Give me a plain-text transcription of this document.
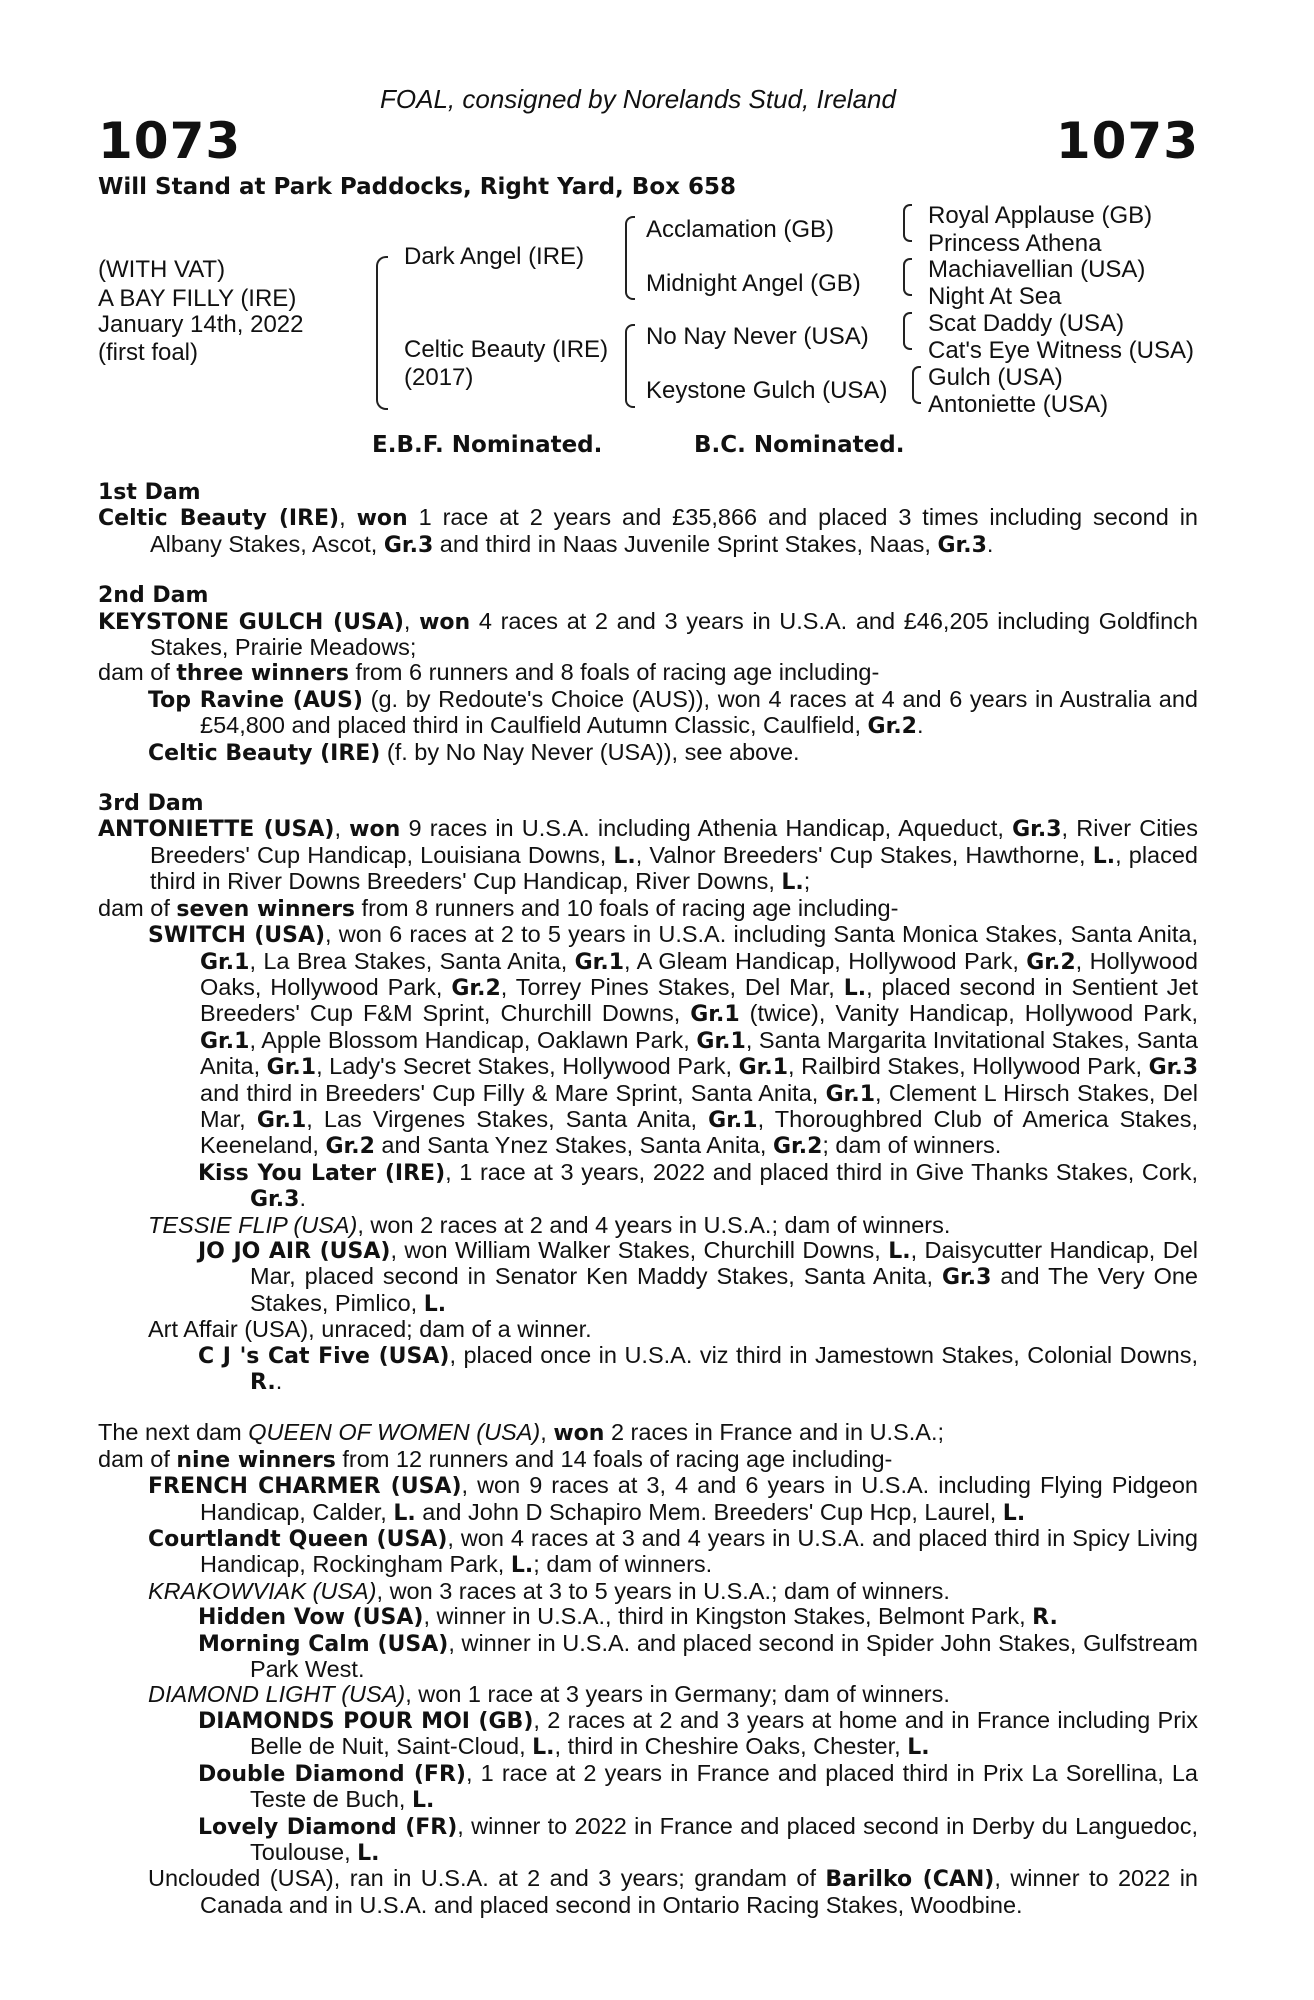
FOAL, consigned by Norelands Stud, Ireland
1073	1073
Will Stand at Park Paddocks, Right Yard, Box 658
(WITH VAT)
A BAY FILLY (IRE)
January 14th, 2022
(first foal)
Dark Angel (IRE)
Celtic Beauty (IRE)
(2017)
Acclamation (GB)
Midnight Angel (GB)
No Nay Never (USA)
Keystone Gulch (USA)
Royal Applause (GB)
Princess Athena
Machiavellian (USA)
Night At Sea
Scat Daddy (USA)
Cat's Eye Witness (USA)
Gulch (USA)
Antoniette (USA)
E.B.F. Nominated.	B.C. Nominated.
1st Dam
Celtic Beauty (IRE), won 1 race at 2 years and £35,866 and placed 3 times including second in Albany Stakes, Ascot, Gr.3 and third in Naas Juvenile Sprint Stakes, Naas, Gr.3.
2nd Dam
KEYSTONE GULCH (USA), won 4 races at 2 and 3 years in U.S.A. and £46,205 including Goldfinch Stakes, Prairie Meadows;
dam of three winners from 6 runners and 8 foals of racing age including-
Top Ravine (AUS) (g. by Redoute's Choice (AUS)), won 4 races at 4 and 6 years in Australia and £54,800 and placed third in Caulfield Autumn Classic, Caulfield, Gr.2.
Celtic Beauty (IRE) (f. by No Nay Never (USA)), see above.
3rd Dam
ANTONIETTE (USA), won 9 races in U.S.A. including Athenia Handicap, Aqueduct, Gr.3, River Cities Breeders' Cup Handicap, Louisiana Downs, L., Valnor Breeders' Cup Stakes, Hawthorne, L., placed third in River Downs Breeders' Cup Handicap, River Downs, L.;
dam of seven winners from 8 runners and 10 foals of racing age including-
SWITCH (USA), won 6 races at 2 to 5 years in U.S.A. including Santa Monica Stakes, Santa Anita, Gr.1, La Brea Stakes, Santa Anita, Gr.1, A Gleam Handicap, Hollywood Park, Gr.2, Hollywood Oaks, Hollywood Park, Gr.2, Torrey Pines Stakes, Del Mar, L., placed second in Sentient Jet Breeders' Cup F&M Sprint, Churchill Downs, Gr.1 (twice), Vanity Handicap, Hollywood Park, Gr.1, Apple Blossom Handicap, Oaklawn Park, Gr.1, Santa Margarita Invitational Stakes, Santa Anita, Gr.1, Lady's Secret Stakes, Hollywood Park, Gr.1, Railbird Stakes, Hollywood Park, Gr.3 and third in Breeders' Cup Filly & Mare Sprint, Santa Anita, Gr.1, Clement L Hirsch Stakes, Del Mar, Gr.1, Las Virgenes Stakes, Santa Anita, Gr.1, Thoroughbred Club of America Stakes, Keeneland, Gr.2 and Santa Ynez Stakes, Santa Anita, Gr.2; dam of winners.
Kiss You Later (IRE), 1 race at 3 years, 2022 and placed third in Give Thanks Stakes, Cork, Gr.3.
TESSIE FLIP (USA), won 2 races at 2 and 4 years in U.S.A.; dam of winners.
JO JO AIR (USA), won William Walker Stakes, Churchill Downs, L., Daisycutter Handicap, Del Mar, placed second in Senator Ken Maddy Stakes, Santa Anita, Gr.3 and The Very One Stakes, Pimlico, L.
Art Affair (USA), unraced; dam of a winner.
C J 's Cat Five (USA), placed once in U.S.A. viz third in Jamestown Stakes, Colonial Downs, R..
The next dam QUEEN OF WOMEN (USA), won 2 races in France and in U.S.A.;
dam of nine winners from 12 runners and 14 foals of racing age including-
FRENCH CHARMER (USA), won 9 races at 3, 4 and 6 years in U.S.A. including Flying Pidgeon Handicap, Calder, L. and John D Schapiro Mem. Breeders' Cup Hcp, Laurel, L.
Courtlandt Queen (USA), won 4 races at 3 and 4 years in U.S.A. and placed third in Spicy Living Handicap, Rockingham Park, L.; dam of winners.
KRAKOWVIAK (USA), won 3 races at 3 to 5 years in U.S.A.; dam of winners.
Hidden Vow (USA), winner in U.S.A., third in Kingston Stakes, Belmont Park, R.
Morning Calm (USA), winner in U.S.A. and placed second in Spider John Stakes, Gulfstream Park West.
DIAMOND LIGHT (USA), won 1 race at 3 years in Germany; dam of winners.
DIAMONDS POUR MOI (GB), 2 races at 2 and 3 years at home and in France including Prix Belle de Nuit, Saint-Cloud, L., third in Cheshire Oaks, Chester, L.
Double Diamond (FR), 1 race at 2 years in France and placed third in Prix La Sorellina, La Teste de Buch, L.
Lovely Diamond (FR), winner to 2022 in France and placed second in Derby du Languedoc, Toulouse, L.
Unclouded (USA), ran in U.S.A. at 2 and 3 years; grandam of Barilko (CAN), winner to 2022 in Canada and in U.S.A. and placed second in Ontario Racing Stakes, Woodbine.
